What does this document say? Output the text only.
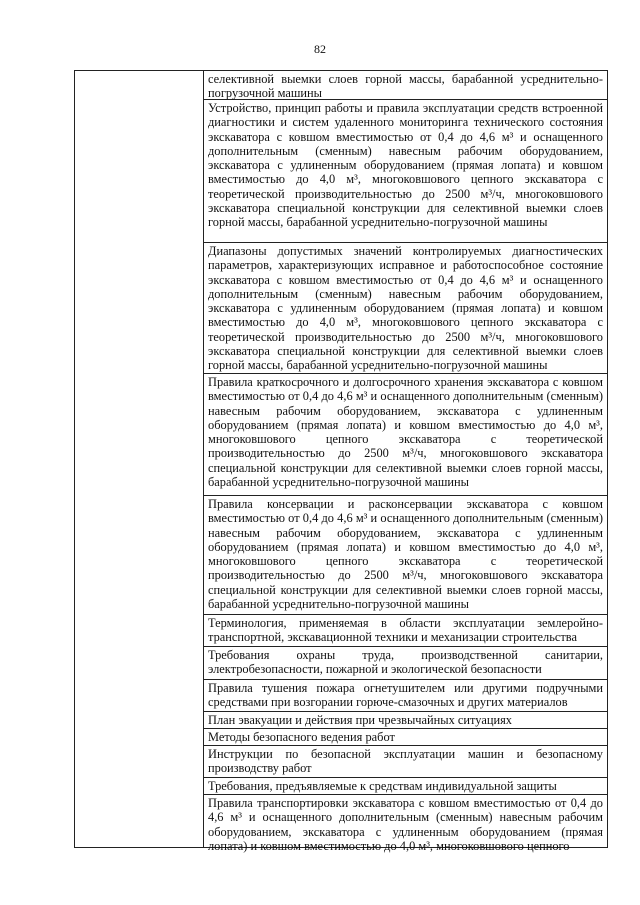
82
селективной выемки слоев горной массы, барабанной усреднительно-погрузочной машины
Устройство, принцип работы и правила эксплуатации средств встроенной диагностики и систем удаленного мониторинга технического состояния экскаватора с ковшом вместимостью от 0,4 до 4,6 м³ и оснащенного дополнительным (сменным) навесным рабочим оборудованием, экскаватора с удлиненным оборудованием (прямая лопата) и ковшом вместимостью до 4,0 м³, многоковшового цепного экскаватора с теоретической производительностью до 2500 м³/ч, многоковшового экскаватора специальной конструкции для селективной выемки слоев горной массы, барабанной усреднительно-погрузочной машины
Диапазоны допустимых значений контролируемых диагностических параметров, характеризующих исправное и работоспособное состояние экскаватора с ковшом вместимостью от 0,4 до 4,6 м³ и оснащенного дополнительным (сменным) навесным рабочим оборудованием, экскаватора с удлиненным оборудованием (прямая лопата) и ковшом вместимостью до 4,0 м³, многоковшового цепного экскаватора с теоретической производительностью до 2500 м³/ч, многоковшового экскаватора специальной конструкции для селективной выемки слоев горной массы, барабанной усреднительно-погрузочной машины
Правила краткосрочного и долгосрочного хранения экскаватора с ковшом вместимостью от 0,4 до 4,6 м³ и оснащенного дополнительным (сменным) навесным рабочим оборудованием, экскаватора с удлиненным оборудованием (прямая лопата) и ковшом вместимостью до 4,0 м³, многоковшового цепного экскаватора с теоретической производительностью до 2500 м³/ч, многоковшового экскаватора специальной конструкции для селективной выемки слоев горной массы, барабанной усреднительно-погрузочной машины
Правила консервации и расконсервации экскаватора с ковшом вместимостью от 0,4 до 4,6 м³ и оснащенного дополнительным (сменным) навесным рабочим оборудованием, экскаватора с удлиненным оборудованием (прямая лопата) и ковшом вместимостью до 4,0 м³, многоковшового цепного экскаватора с теоретической производительностью до 2500 м³/ч, многоковшового экскаватора специальной конструкции для селективной выемки слоев горной массы, барабанной усреднительно-погрузочной машины
Терминология, применяемая в области эксплуатации землеройно-транспортной, экскавационной техники и механизации строительства
Требования охраны труда, производственной санитарии, электробезопасности, пожарной и экологической безопасности
Правила тушения пожара огнетушителем или другими подручными средствами при возгорании горюче-смазочных и других материалов
План эвакуации и действия при чрезвычайных ситуациях
Методы безопасного ведения работ
Инструкции по безопасной эксплуатации машин и безопасному производству работ
Требования, предъявляемые к средствам индивидуальной защиты
Правила транспортировки экскаватора с ковшом вместимостью от 0,4 до 4,6 м³ и оснащенного дополнительным (сменным) навесным рабочим оборудованием, экскаватора с удлиненным оборудованием (прямая лопата) и ковшом вместимостью до 4,0 м³, многоковшового цепного
